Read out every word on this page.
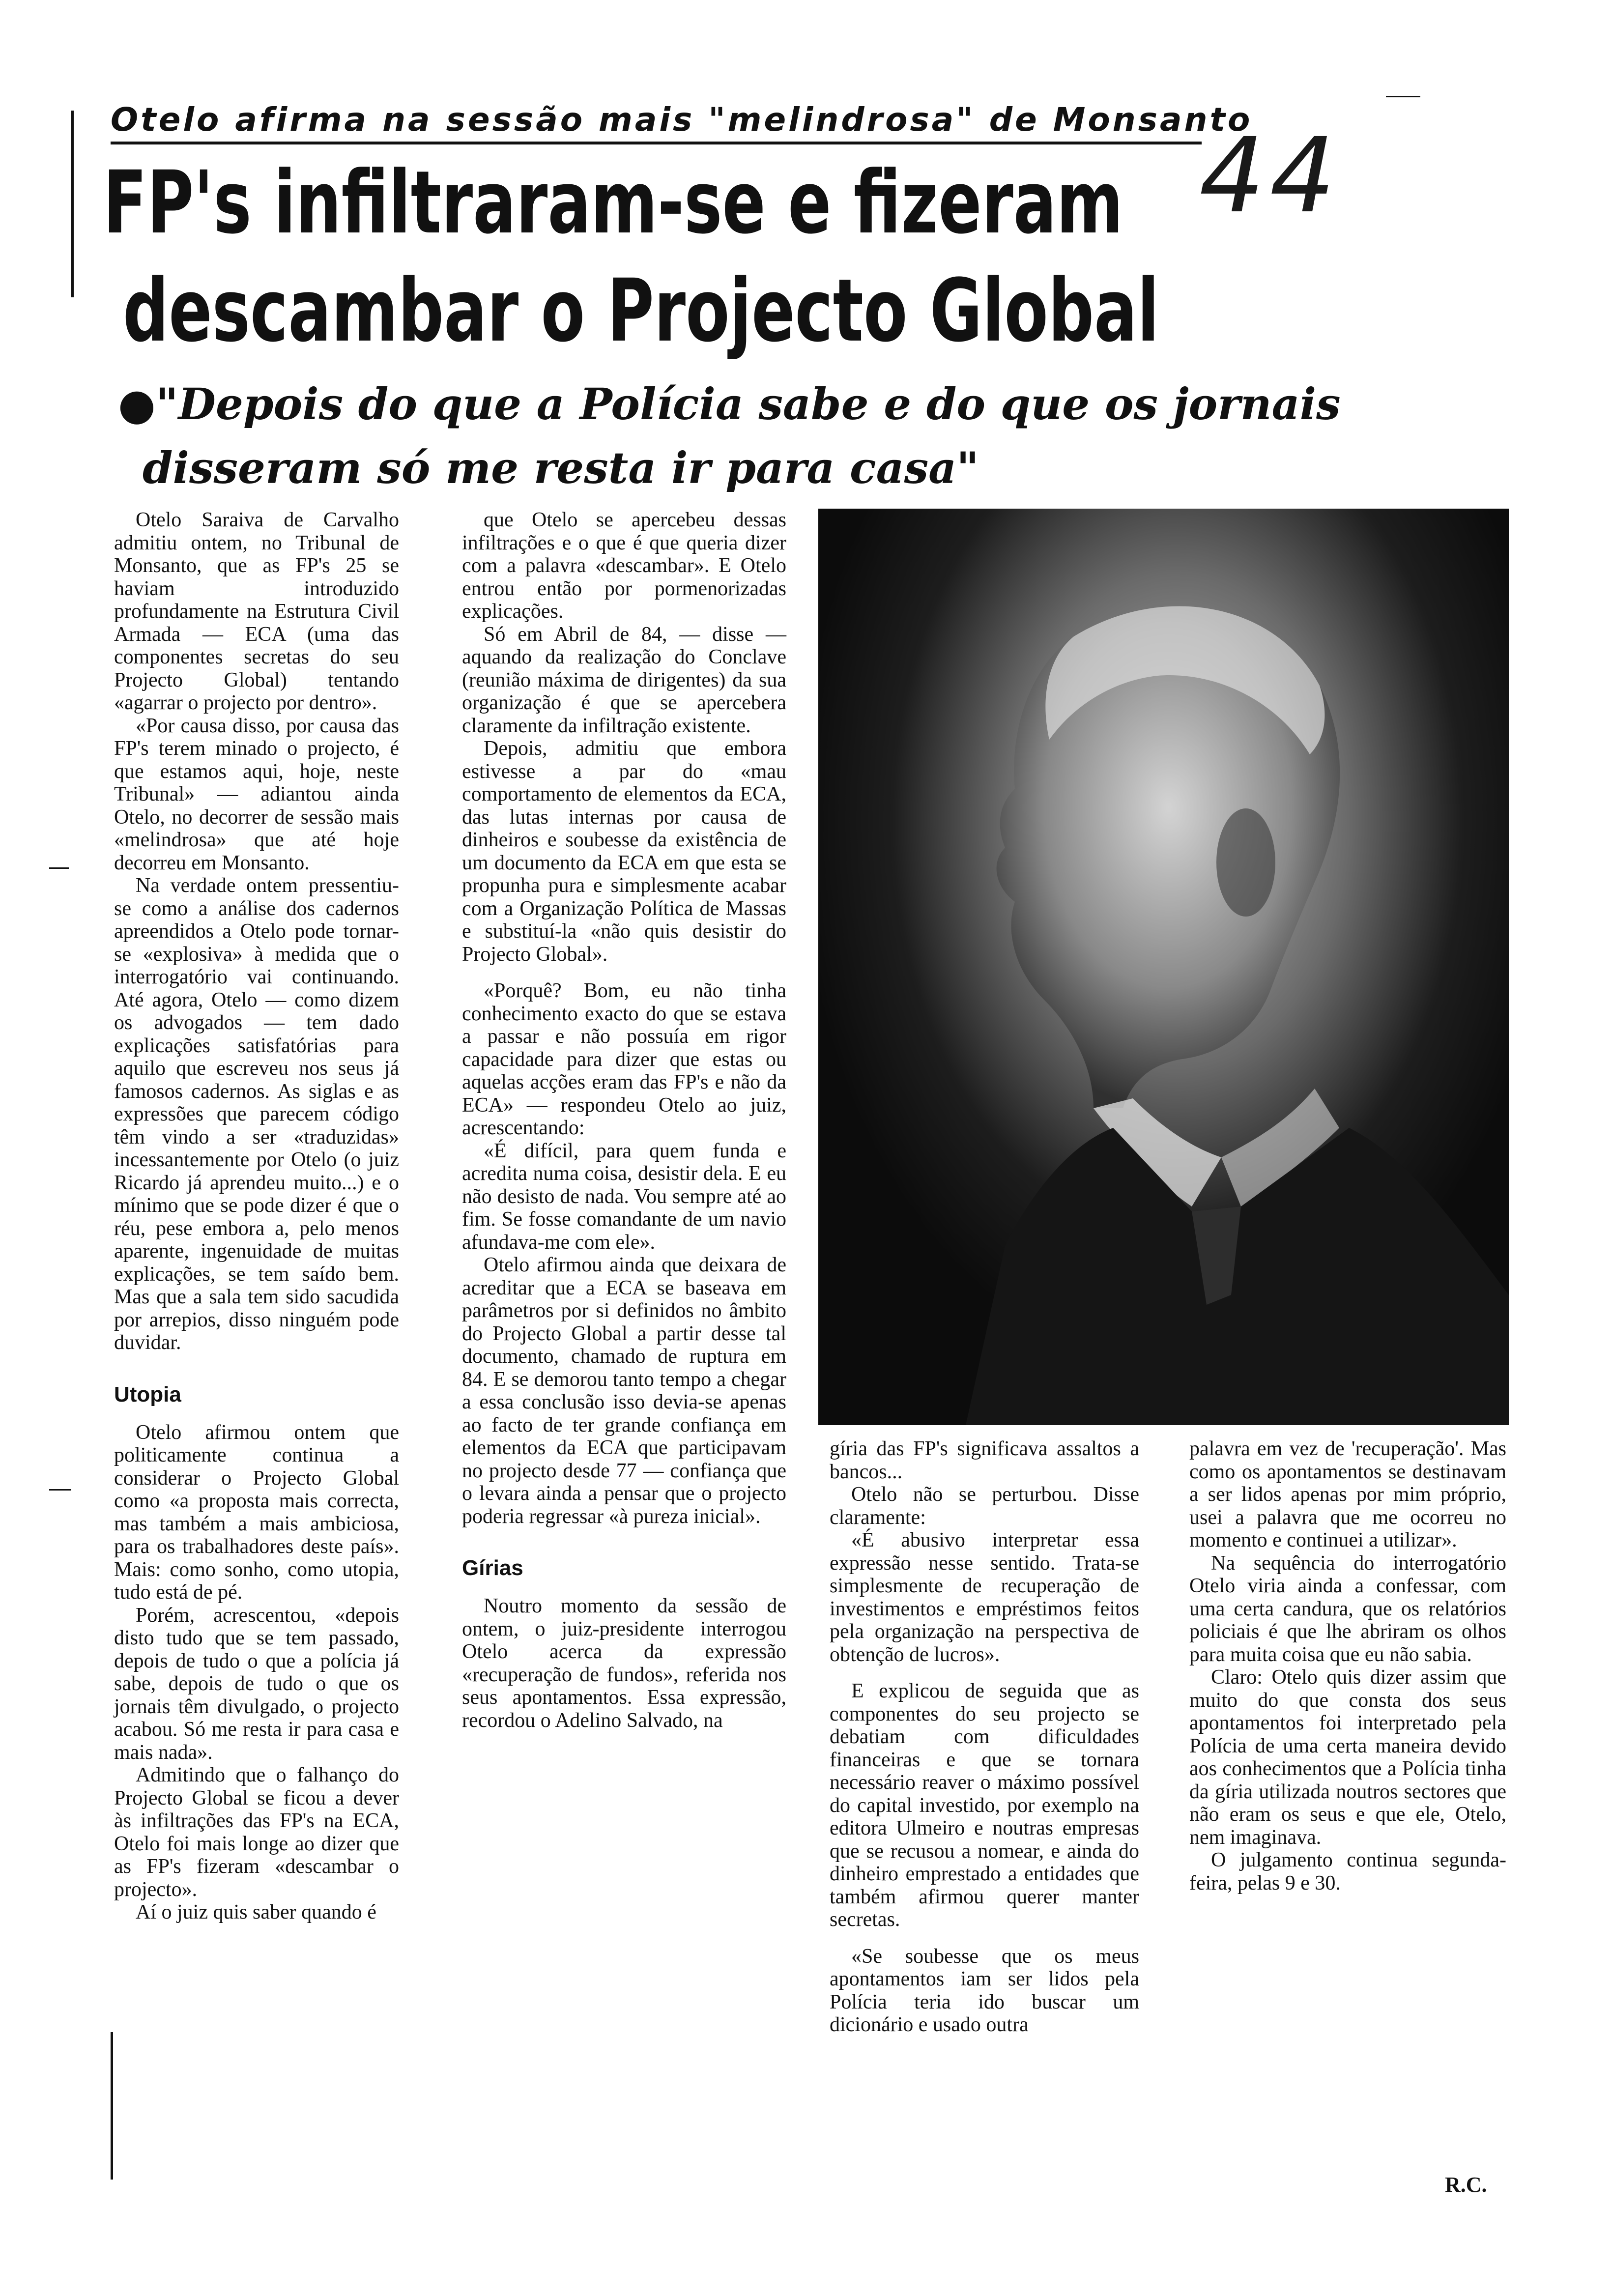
Otelo afirma na sessão mais "melindrosa" de Monsanto
44
FP's infiltraram-se e fizeram
descambar o Projecto Global
●"Depois do que a Polícia sabe e do que os jornais
disseram só me resta ir para casa"

Otelo Saraiva de Carvalho admitiu ontem, no Tribunal de Monsanto, que as FP's 25 se haviam introduzido profundamente na Estrutura Civil Armada — ECA (uma das componentes secretas do seu Projecto Global) tentando «agarrar o projecto por dentro».

«Por causa disso, por causa das FP's terem minado o projecto, é que estamos aqui, hoje, neste Tribunal» — adiantou ainda Otelo, no decorrer de sessão mais «melindrosa» que até hoje decorreu em Monsanto.

Na verdade ontem pressentiu-se como a análise dos cadernos apreendidos a Otelo pode tornar-se «explosiva» à medida que o interrogatório vai continuando. Até agora, Otelo — como dizem os advogados — tem dado explicações satisfatórias para aquilo que escreveu nos seus já famosos cadernos. As siglas e as expressões que parecem código têm vindo a ser «traduzidas» incessantemente por Otelo (o juiz Ricardo já aprendeu muito...) e o mínimo que se pode dizer é que o réu, pese embora a, pelo menos aparente, ingenuidade de muitas explicações, se tem saído bem. Mas que a sala tem sido sacudida por arrepios, disso ninguém pode duvidar.

Utopia

Otelo afirmou ontem que politicamente continua a considerar o Projecto Global como «a proposta mais correcta, mas também a mais ambiciosa, para os trabalhadores deste país». Mais: como sonho, como utopia, tudo está de pé.

Porém, acrescentou, «depois disto tudo que se tem passado, depois de tudo o que a polícia já sabe, depois de tudo o que os jornais têm divulgado, o projecto acabou. Só me resta ir para casa e mais nada».

Admitindo que o falhanço do Projecto Global se ficou a dever às infiltrações das FP's na ECA, Otelo foi mais longe ao dizer que as FP's fizeram «descambar o projecto».

Aí o juiz quis saber quando é

que Otelo se apercebeu dessas infiltrações e o que é que queria dizer com a palavra «descambar». E Otelo entrou então por pormenorizadas explicações.

Só em Abril de 84, — disse — aquando da realização do Conclave (reunião máxima de dirigentes) da sua organização é que se apercebera claramente da infiltração existente.

Depois, admitiu que embora estivesse a par do «mau comportamento de elementos da ECA, das lutas internas por causa de dinheiros e soubesse da existência de um documento da ECA em que esta se propunha pura e simplesmente acabar com a Organização Política de Massas e substituí-la «não quis desistir do Projecto Global».

«Porquê? Bom, eu não tinha conhecimento exacto do que se estava a passar e não possuía em rigor capacidade para dizer que estas ou aquelas acções eram das FP's e não da ECA» — respondeu Otelo ao juiz, acrescentando:

«É difícil, para quem funda e acredita numa coisa, desistir dela. E eu não desisto de nada. Vou sempre até ao fim. Se fosse comandante de um navio afundava-me com ele».

Otelo afirmou ainda que deixara de acreditar que a ECA se baseava em parâmetros por si definidos no âmbito do Projecto Global a partir desse tal documento, chamado de ruptura em 84. E se demorou tanto tempo a chegar a essa conclusão isso devia-se apenas ao facto de ter grande confiança em elementos da ECA que participavam no projecto desde 77 — confiança que o levara ainda a pensar que o projecto poderia regressar «à pureza inicial».

Gírias

Noutro momento da sessão de ontem, o juiz-presidente interrogou Otelo acerca da expressão «recuperação de fundos», referida nos seus apontamentos. Essa expressão, recordou o Adelino Salvado, na

gíria das FP's significava assaltos a bancos...

Otelo não se perturbou. Disse claramente:

«É abusivo interpretar essa expressão nesse sentido. Trata-se simplesmente de recuperação de investimentos e empréstimos feitos pela organização na perspectiva de obtenção de lucros».

E explicou de seguida que as componentes do seu projecto se debatiam com dificuldades financeiras e que se tornara necessário reaver o máximo possível do capital investido, por exemplo na editora Ulmeiro e noutras empresas que se recusou a nomear, e ainda do dinheiro emprestado a entidades que também afirmou querer manter secretas.

«Se soubesse que os meus apontamentos iam ser lidos pela Polícia teria ido buscar um dicionário e usado outra

palavra em vez de 'recuperação'. Mas como os apontamentos se destinavam a ser lidos apenas por mim próprio, usei a palavra que me ocorreu no momento e continuei a utilizar».

Na sequência do interrogatório Otelo viria ainda a confessar, com uma certa candura, que os relatórios policiais é que lhe abriram os olhos para muita coisa que eu não sabia.

Claro: Otelo quis dizer assim que muito do que consta dos seus apontamentos foi interpretado pela Polícia de uma certa maneira devido aos conhecimentos que a Polícia tinha da gíria utilizada noutros sectores que não eram os seus e que ele, Otelo, nem imaginava.

O julgamento continua segunda-feira, pelas 9 e 30.

R.C.
